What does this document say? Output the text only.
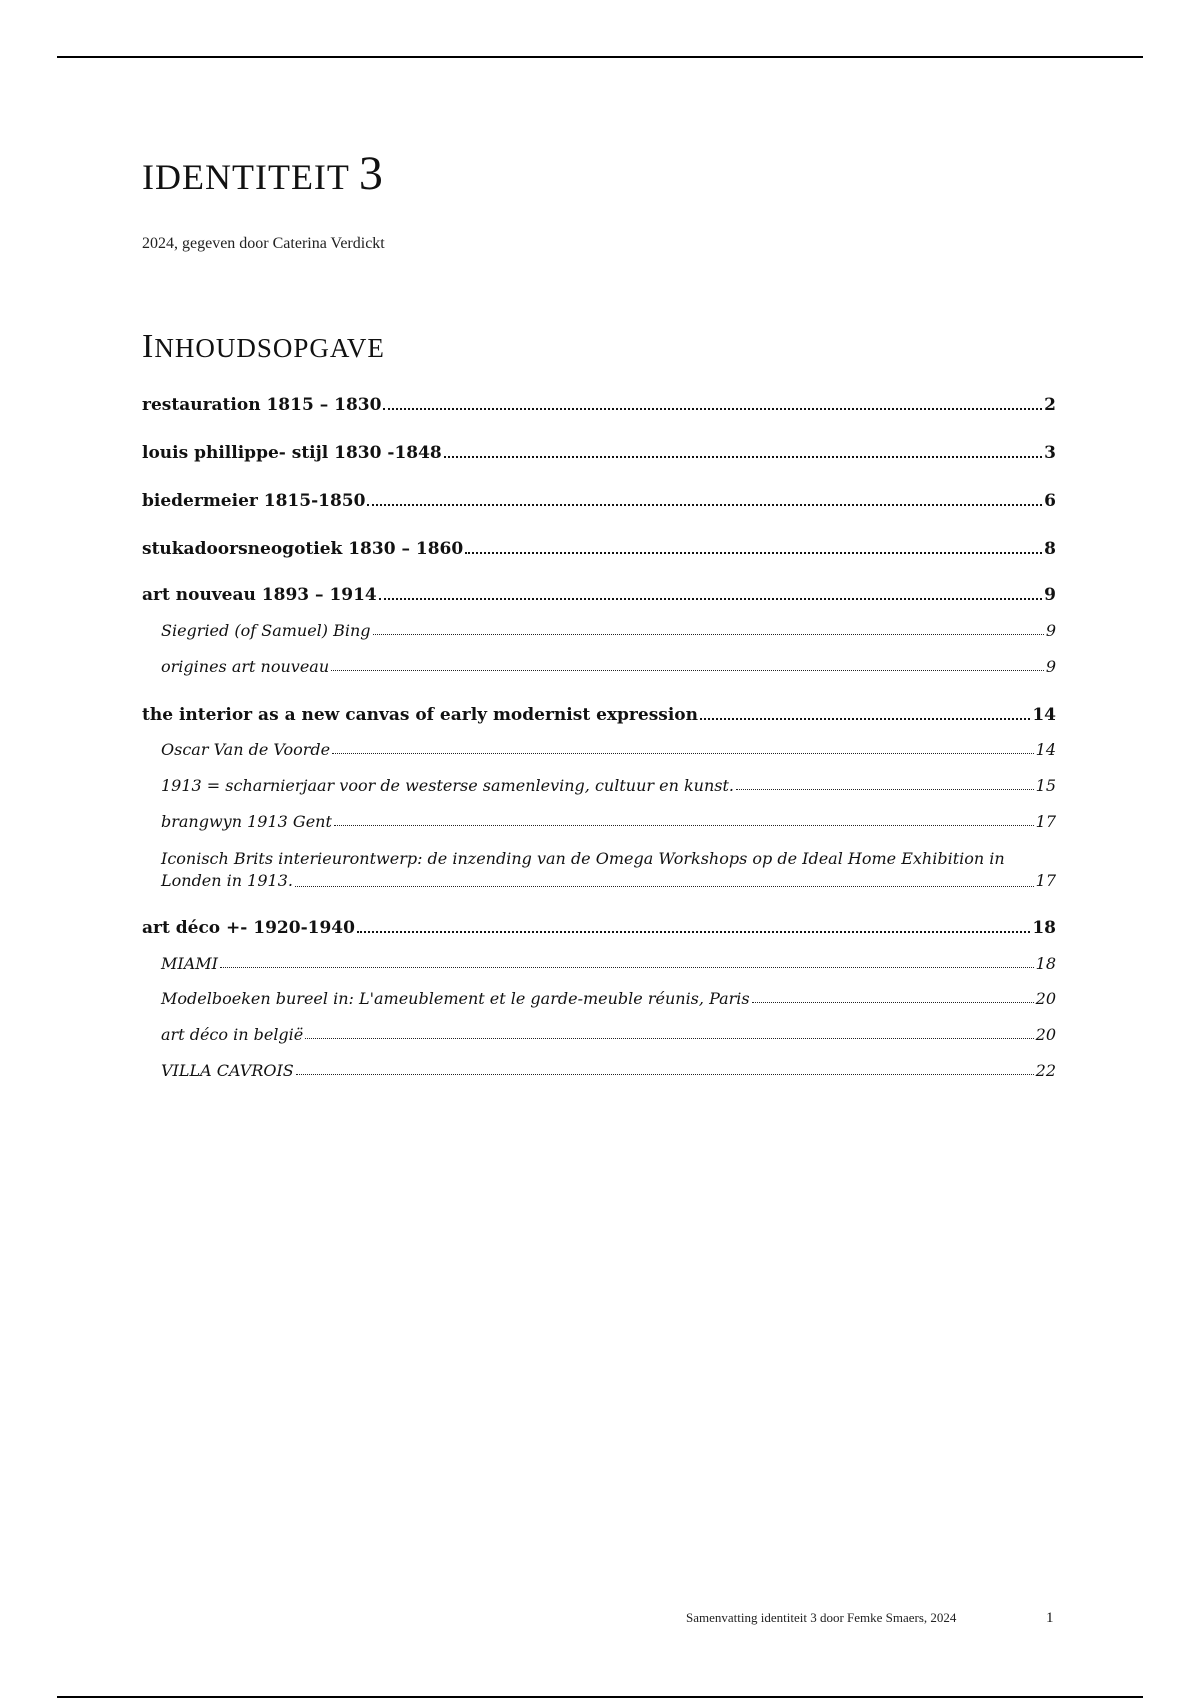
IDENTITEIT 3

2024, gegeven door Caterina Verdickt

INHOUDSOPGAVE
restauration 1815 – 1830	2
louis phillippe- stijl 1830 -1848	3
biedermeier 1815-1850	6
stukadoorsneogotiek 1830 – 1860	8
art nouveau 1893 – 1914	9
Siegried (of Samuel) Bing	9
origines art nouveau	9
the interior as a new canvas of early modernist expression	14
Oscar Van de Voorde	14
1913 = scharnierjaar voor de westerse samenleving, cultuur en kunst.	15
brangwyn 1913 Gent	17
Iconisch Brits interieurontwerp: de inzending van de Omega Workshops op de Ideal Home Exhibition in
Londen in 1913.	17
art déco +- 1920-1940	18
MIAMI	18
Modelboeken bureel in: L'ameublement et le garde-meuble réunis, Paris	20
art déco in belgië	20
VILLA CAVROIS	22
Samenvatting identiteit 3 door Femke Smaers, 2024	1
